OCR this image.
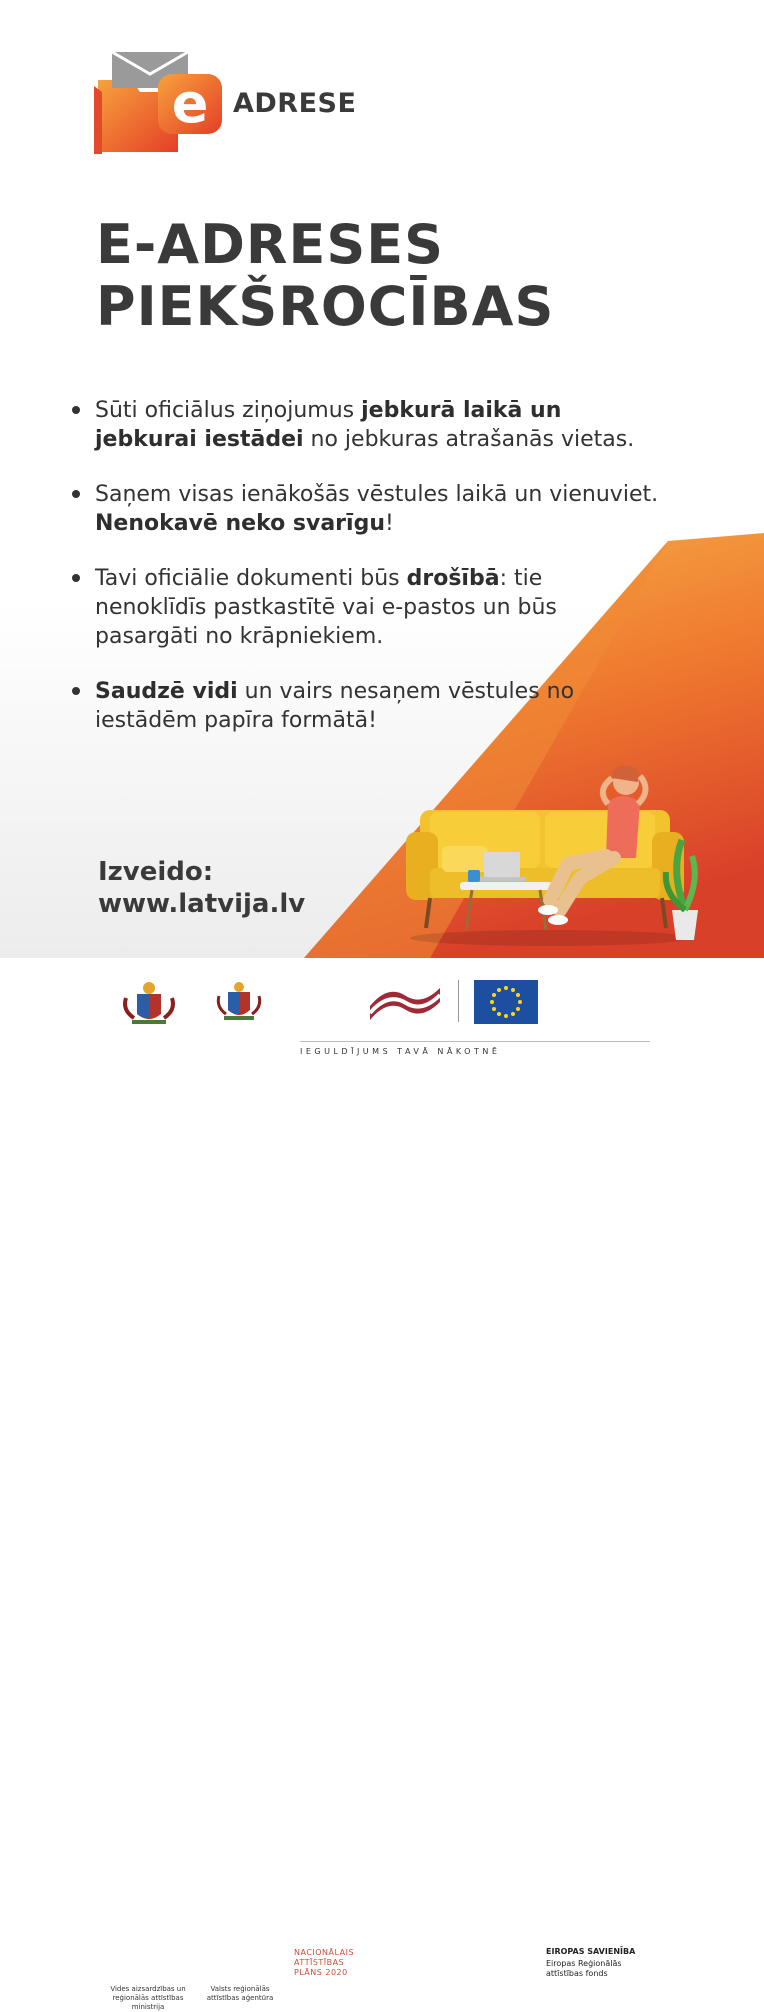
e ADRESE
E-ADRESES
PIEKŠROCĪBAS
Sūti oficiālus ziņojumus jebkurā laikā un jebkurai iestādei no jebkuras atrašanās vietas.
Saņem visas ienākošās vēstules laikā un vienuviet. Nenokavē neko svarīgu!
Tavi oficiālie dokumenti būs drošībā: tie nenoklīdīs pastkastītē vai e-pastos un būs pasargāti no krāpniekiem.
Saudzē vidi un vairs nesaņem vēstules no iestādēm papīra formātā!
Izveido:
www.latvija.lv
Vides aizsardzības un reģionālās attīstības ministrija
Valsts reģionālās attīstības aģentūra
NACIONĀLAIS ATTĪSTĪBAS PLĀNS 2020
EIROPAS SAVIENĪBA
Eiropas Reģionālās attīstības fonds
IEGULDĪJUMS TAVĀ NĀKOTNĒ
